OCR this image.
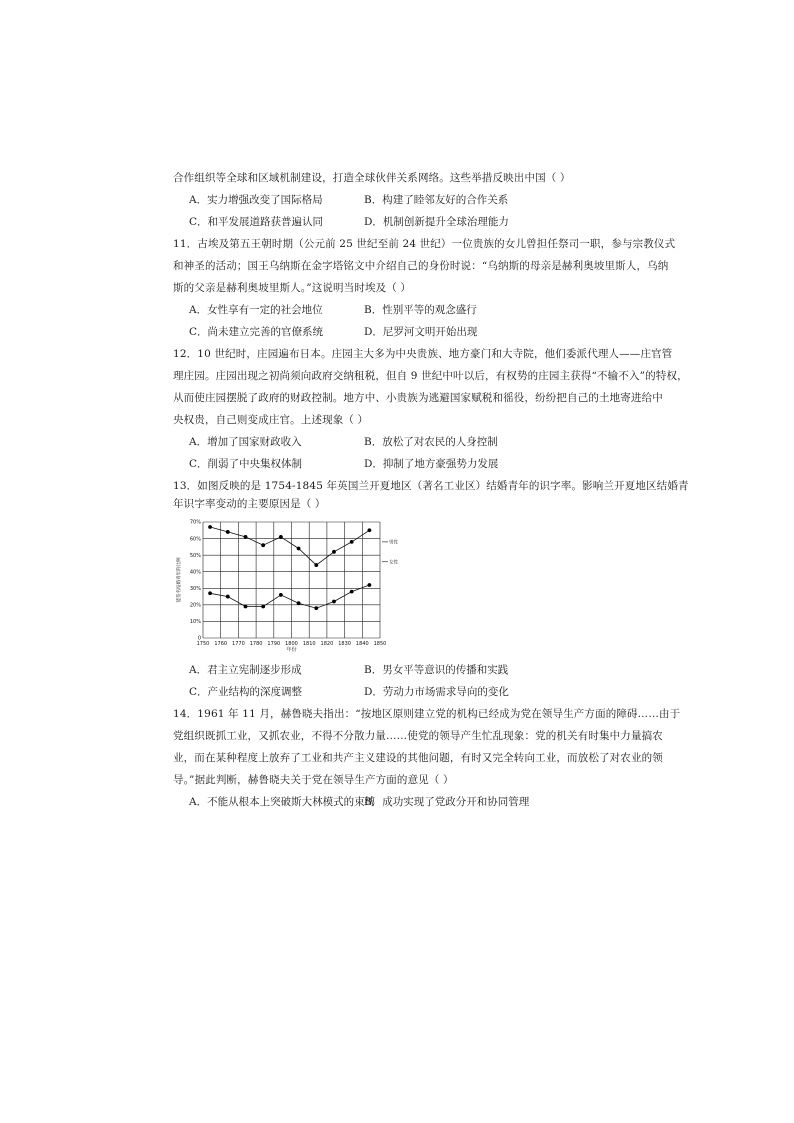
合作组织等全球和区域机制建设，打造全球伙伴关系网络。这些举措反映出中国（ ）
A．实力增强改变了国际格局	B．构建了睦邻友好的合作关系
C．和平发展道路获普遍认同	D．机制创新提升全球治理能力
11．古埃及第五王朝时期（公元前 25 世纪至前 24 世纪）一位贵族的女儿曾担任祭司一职，参与宗教仪式
和神圣的活动；国王乌纳斯在金字塔铭文中介绍自己的身份时说：“乌纳斯的母亲是赫利奥坡里斯人，乌纳
斯的父亲是赫利奥坡里斯人。”这说明当时埃及（ ）
A．女性享有一定的社会地位	B．性别平等的观念盛行
C．尚未建立完善的官僚系统	D．尼罗河文明开始出现
12．10 世纪时，庄园遍布日本。庄园主大多为中央贵族、地方豪门和大寺院，他们委派代理人——庄官管
理庄园。庄园出现之初尚须向政府交纳租税，但自 9 世纪中叶以后，有权势的庄园主获得“不输不入”的特权，
从而使庄园摆脱了政府的财政控制。地方中、小贵族为逃避国家赋税和徭役，纷纷把自己的土地寄进给中
央权贵，自己则变成庄官。上述现象（ ）
A．增加了国家财政收入	B．放松了对农民的人身控制
C．削弱了中央集权体制	D．抑制了地方豪强势力发展
13．如图反映的是 1754-1845 年英国兰开夏地区（著名工业区）结婚青年的识字率。影响兰开夏地区结婚青
年识字率变动的主要原因是（ ）
1750 1760 1770 1780 1790 1800 1810 1820 1830 1840 1850
0
10%
20%
30%
40%
50%
60%
70%
年份
能签名结婚青年的比例
男性
女性
A．君主立宪制逐步形成	B．男女平等意识的传播和实践
C．产业结构的深度调整	D．劳动力市场需求导向的变化
14．1961 年 11 月，赫鲁晓夫指出：“按地区原则建立党的机构已经成为党在领导生产方面的障碍……由于
党组织既抓工业，又抓农业，不得不分散力量……使党的领导产生忙乱现象：党的机关有时集中力量搞农
业，而在某种程度上放弃了工业和共产主义建设的其他问题，有时又完全转向工业，而放松了对农业的领
导。”据此判断，赫鲁晓夫关于党在领导生产方面的意见（ ）
A．不能从根本上突破斯大林模式的束缚
B．成功实现了党政分开和协同管理
